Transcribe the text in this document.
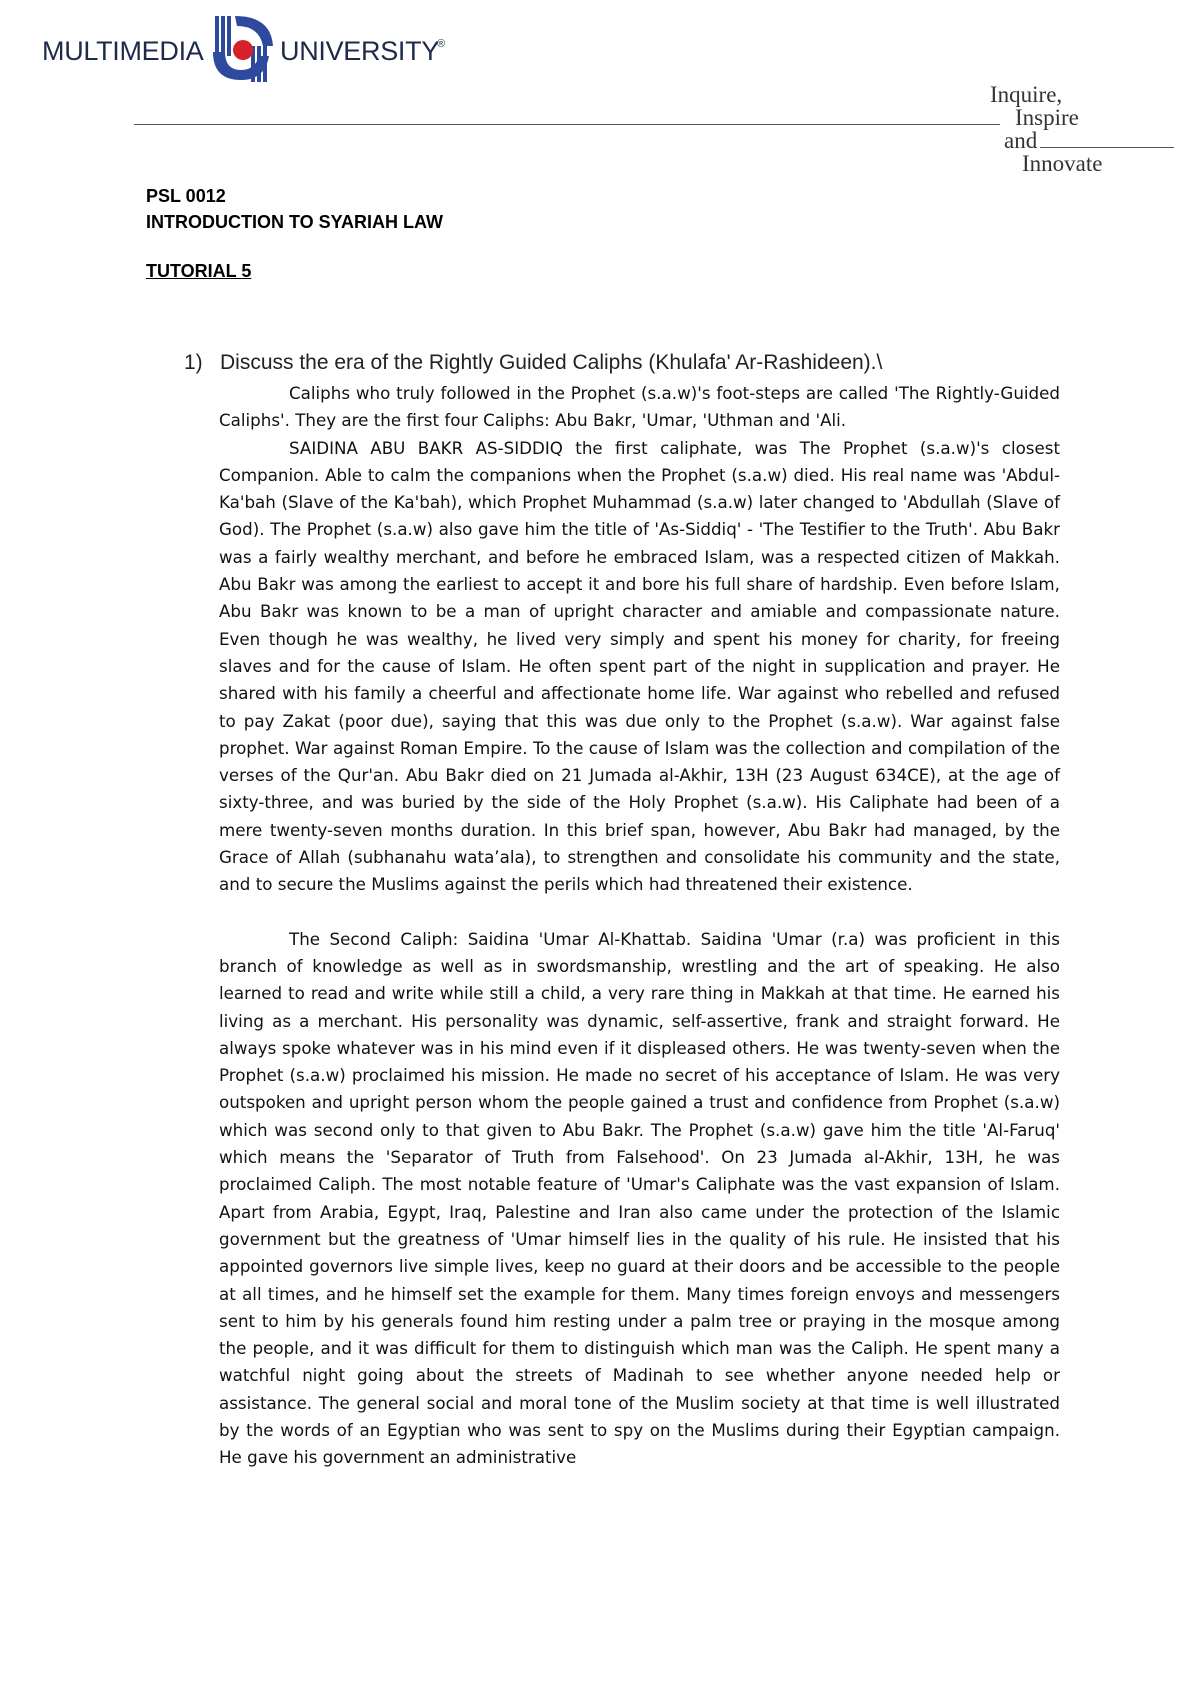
MULTIMEDIA	UNIVERSITY
®
Inquire,
Inspire
and
Innovate
PSL 0012
INTRODUCTION TO SYARIAH LAW
TUTORIAL 5
1) Discuss the era of the Rightly Guided Caliphs (Khulafa' Ar-Rashideen).\

Caliphs who truly followed in the Prophet (s.a.w)'s foot-steps are called 'The Rightly-Guided Caliphs'. They are the first four Caliphs: Abu Bakr, 'Umar, 'Uthman and 'Ali.

SAIDINA ABU BAKR AS-SIDDIQ the first caliphate, was The Prophet (s.a.w)'s closest Companion. Able to calm the companions when the Prophet (s.a.w) died. His real name was 'Abdul-Ka'bah (Slave of the Ka'bah), which Prophet Muhammad (s.a.w) later changed to 'Abdullah (Slave of God). The Prophet (s.a.w) also gave him the title of 'As-Siddiq' - 'The Testifier to the Truth'. Abu Bakr was a fairly wealthy merchant, and before he embraced Islam, was a respected citizen of Makkah. Abu Bakr was among the earliest to accept it and bore his full share of hardship. Even before Islam, Abu Bakr was known to be a man of upright character and amiable and compassionate nature. Even though he was wealthy, he lived very simply and spent his money for charity, for freeing slaves and for the cause of Islam. He often spent part of the night in supplication and prayer. He shared with his family a cheerful and affectionate home life. War against who rebelled and refused to pay Zakat (poor due), saying that this was due only to the Prophet (s.a.w). War against false prophet. War against Roman Empire. To the cause of Islam was the collection and compilation of the verses of the Qur'an. Abu Bakr died on 21 Jumada al-Akhir, 13H (23 August 634CE), at the age of sixty-three, and was buried by the side of the Holy Prophet (s.a.w). His Caliphate had been of a mere twenty-seven months duration. In this brief span, however, Abu Bakr had managed, by the Grace of Allah (subhanahu wata’ala), to strengthen and consolidate his community and the state, and to secure the Muslims against the perils which had threatened their existence.

The Second Caliph: Saidina 'Umar Al-Khattab. Saidina 'Umar (r.a) was proficient in this branch of knowledge as well as in swordsmanship, wrestling and the art of speaking. He also learned to read and write while still a child, a very rare thing in Makkah at that time. He earned his living as a merchant. His personality was dynamic, self-assertive, frank and straight forward. He always spoke whatever was in his mind even if it displeased others. He was twenty-seven when the Prophet (s.a.w) proclaimed his mission. He made no secret of his acceptance of Islam. He was very outspoken and upright person whom the people gained a trust and confidence from Prophet (s.a.w) which was second only to that given to Abu Bakr. The Prophet (s.a.w) gave him the title 'Al-Faruq' which means the 'Separator of Truth from Falsehood'. On 23 Jumada al-Akhir, 13H, he was proclaimed Caliph. The most notable feature of 'Umar's Caliphate was the vast expansion of Islam. Apart from Arabia, Egypt, Iraq, Palestine and Iran also came under the protection of the Islamic government but the greatness of 'Umar himself lies in the quality of his rule. He insisted that his appointed governors live simple lives, keep no guard at their doors and be accessible to the people at all times, and he himself set the example for them. Many times foreign envoys and messengers sent to him by his generals found him resting under a palm tree or praying in the mosque among the people, and it was difficult for them to distinguish which man was the Caliph. He spent many a watchful night going about the streets of Madinah to see whether anyone needed help or assistance. The general social and moral tone of the Muslim society at that time is well illustrated by the words of an Egyptian who was sent to spy on the Muslims during their Egyptian campaign. He gave his government an administrative
